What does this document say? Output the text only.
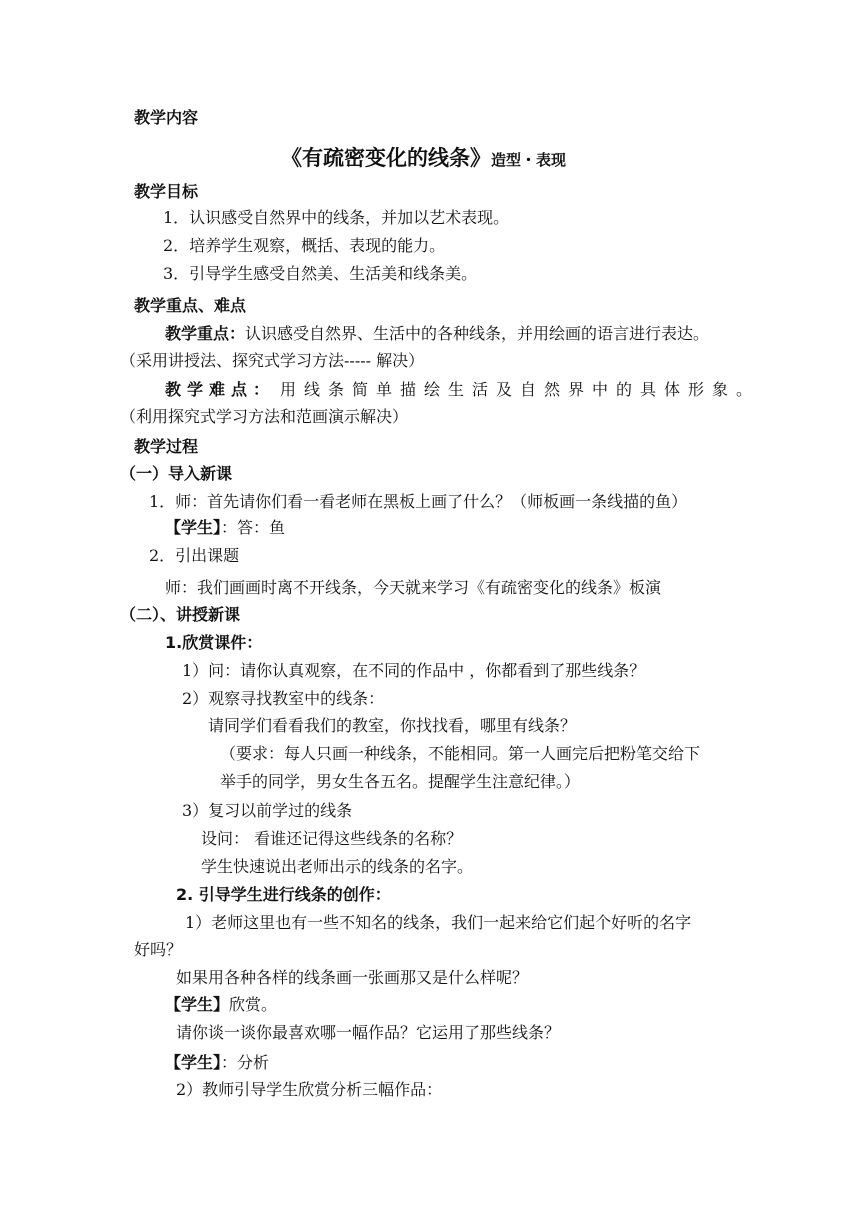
教学内容
《有疏密变化的线条》造型・表现
教学目标
1．认识感受自然界中的线条，并加以艺术表现。
2．培养学生观察，概括、表现的能力。
3．引导学生感受自然美、生活美和线条美。
教学重点、难点
教学重点：认识感受自然界、生活中的各种线条，并用绘画的语言进行表达。
（采用讲授法、探究式学习方法----- 解决）
教学难点： 用线条简单描绘生活及自然界中的具体形象。
（利用探究式学习方法和范画演示解决）
教学过程
（一）导入新课
1．师：首先请你们看一看老师在黑板上画了什么？（师板画一条线描的鱼）
【学生】：答：鱼
2．引出课题
师：我们画画时离不开线条，今天就来学习《有疏密变化的线条》板演
（二）、讲授新课
1.欣赏课件：
1）问：请你认真观察，在不同的作品中 ，你都看到了那些线条？
2）观察寻找教室中的线条：
请同学们看看我们的教室，你找找看，哪里有线条？
（要求：每人只画一种线条，不能相同。第一人画完后把粉笔交给下
举手的同学，男女生各五名。提醒学生注意纪律。）
3）复习以前学过的线条
设问： 看谁还记得这些线条的名称？
学生快速说出老师出示的线条的名字。
2. 引导学生进行线条的创作：
1）老师这里也有一些不知名的线条，我们一起来给它们起个好听的名字
好吗？
如果用各种各样的线条画一张画那又是什么样呢？
【学生】欣赏。
请你谈一谈你最喜欢哪一幅作品？它运用了那些线条？
【学生】：分析
2）教师引导学生欣赏分析三幅作品：
